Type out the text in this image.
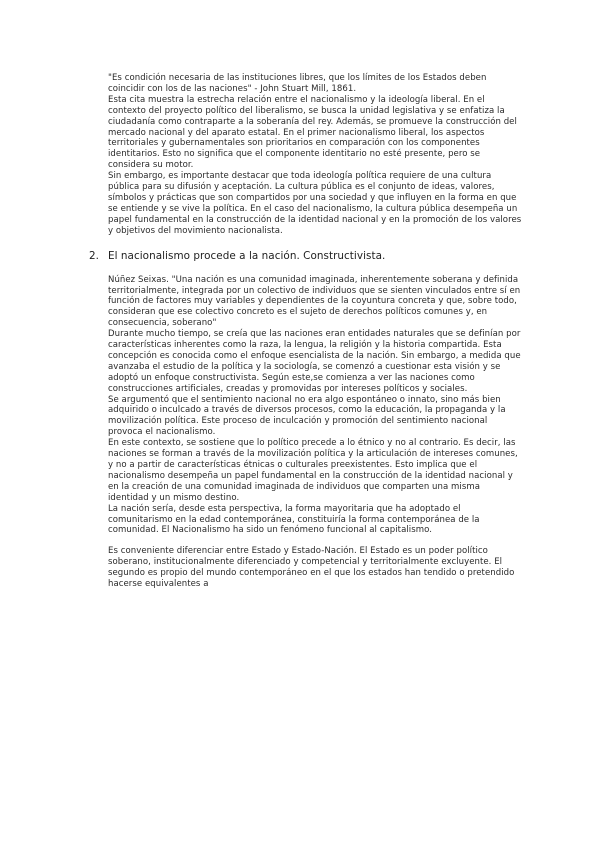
"Es condición necesaria de las instituciones libres, que los límites de los Estados deben coincidir con los de las naciones" - John Stuart Mill, 1861.

Esta cita muestra la estrecha relación entre el nacionalismo y la ideología liberal. En el contexto del proyecto político del liberalismo, se busca la unidad legislativa y se enfatiza la ciudadanía como contraparte a la soberanía del rey. Además, se promueve la construcción del mercado nacional y del aparato estatal. En el primer nacionalismo liberal, los aspectos territoriales y gubernamentales son prioritarios en comparación con los componentes identitarios. Esto no significa que el componente identitario no esté presente, pero se considera su motor.

Sin embargo, es importante destacar que toda ideología política requiere de una cultura pública para su difusión y aceptación. La cultura pública es el conjunto de ideas, valores, símbolos y prácticas que son compartidos por una sociedad y que influyen en la forma en que se entiende y se vive la política. En el caso del nacionalismo, la cultura pública desempeña un papel fundamental en la construcción de la identidad nacional y en la promoción de los valores y objetivos del movimiento nacionalista.

2. El nacionalismo procede a la nación. Constructivista.

Núñez Seixas. "Una nación es una comunidad imaginada, inherentemente soberana y definida territorialmente, integrada por un colectivo de individuos que se sienten vinculados entre sí en función de factores muy variables y dependientes de la coyuntura concreta y que, sobre todo, consideran que ese colectivo concreto es el sujeto de derechos políticos comunes y, en consecuencia, soberano"

Durante mucho tiempo, se creía que las naciones eran entidades naturales que se definían por características inherentes como la raza, la lengua, la religión y la historia compartida. Esta concepción es conocida como el enfoque esencialista de la nación. Sin embargo, a medida que avanzaba el estudio de la política y la sociología, se comenzó a cuestionar esta visión y se adoptó un enfoque constructivista. Según este,se comienza a ver las naciones como construcciones artificiales, creadas y promovidas por intereses políticos y sociales.

Se argumentó que el sentimiento nacional no era algo espontáneo o innato, sino más bien adquirido o inculcado a través de diversos procesos, como la educación, la propaganda y la movilización política. Este proceso de inculcación y promoción del sentimiento nacional provoca el nacionalismo.

En este contexto, se sostiene que lo político precede a lo étnico y no al contrario. Es decir, las naciones se forman a través de la movilización política y la articulación de intereses comunes, y no a partir de características étnicas o culturales preexistentes. Esto implica que el nacionalismo desempeña un papel fundamental en la construcción de la identidad nacional y en la creación de una comunidad imaginada de individuos que comparten una misma identidad y un mismo destino.

La nación sería, desde esta perspectiva, la forma mayoritaria que ha adoptado el comunitarismo en la edad contemporánea, constituiría la forma contemporánea de la comunidad. El Nacionalismo ha sido un fenómeno funcional al capitalismo.

Es conveniente diferenciar entre Estado y Estado-Nación. El Estado es un poder político soberano, institucionalmente diferenciado y competencial y territorialmente excluyente. El segundo es propio del mundo contemporáneo en el que los estados han tendido o pretendido hacerse equivalentes a
